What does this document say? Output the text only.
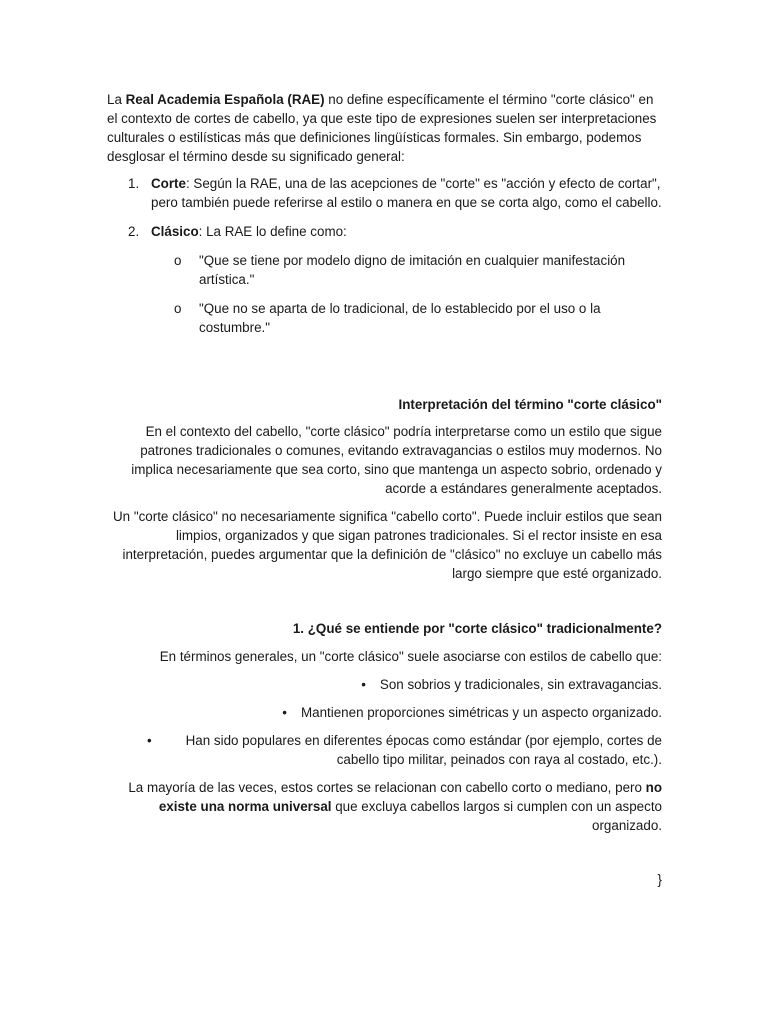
La Real Academia Española (RAE) no define específicamente el término "corte clásico" en el contexto de cortes de cabello, ya que este tipo de expresiones suelen ser interpretaciones culturales o estilísticas más que definiciones lingüísticas formales. Sin embargo, podemos desglosar el término desde su significado general:

1. Corte: Según la RAE, una de las acepciones de "corte" es "acción y efecto de cortar", pero también puede referirse al estilo o manera en que se corta algo, como el cabello.
2. Clásico: La RAE lo define como:
o "Que se tiene por modelo digno de imitación en cualquier manifestación artística."
o "Que no se aparta de lo tradicional, de lo establecido por el uso o la costumbre."

Interpretación del término "corte clásico"

En el contexto del cabello, "corte clásico" podría interpretarse como un estilo que sigue patrones tradicionales o comunes, evitando extravagancias o estilos muy modernos. No implica necesariamente que sea corto, sino que mantenga un aspecto sobrio, ordenado y acorde a estándares generalmente aceptados.

Un "corte clásico" no necesariamente significa "cabello corto". Puede incluir estilos que sean limpios, organizados y que sigan patrones tradicionales. Si el rector insiste en esa interpretación, puedes argumentar que la definición de "clásico" no excluye un cabello más largo siempre que esté organizado.

1. ¿Qué se entiende por "corte clásico" tradicionalmente?

En términos generales, un "corte clásico" suele asociarse con estilos de cabello que:

• Son sobrios y tradicionales, sin extravagancias.
• Mantienen proporciones simétricas y un aspecto organizado.
•	Han sido populares en diferentes épocas como estándar (por ejemplo, cortes de cabello tipo militar, peinados con raya al costado, etc.).

La mayoría de las veces, estos cortes se relacionan con cabello corto o mediano, pero no existe una norma universal que excluya cabellos largos si cumplen con un aspecto organizado.

}
